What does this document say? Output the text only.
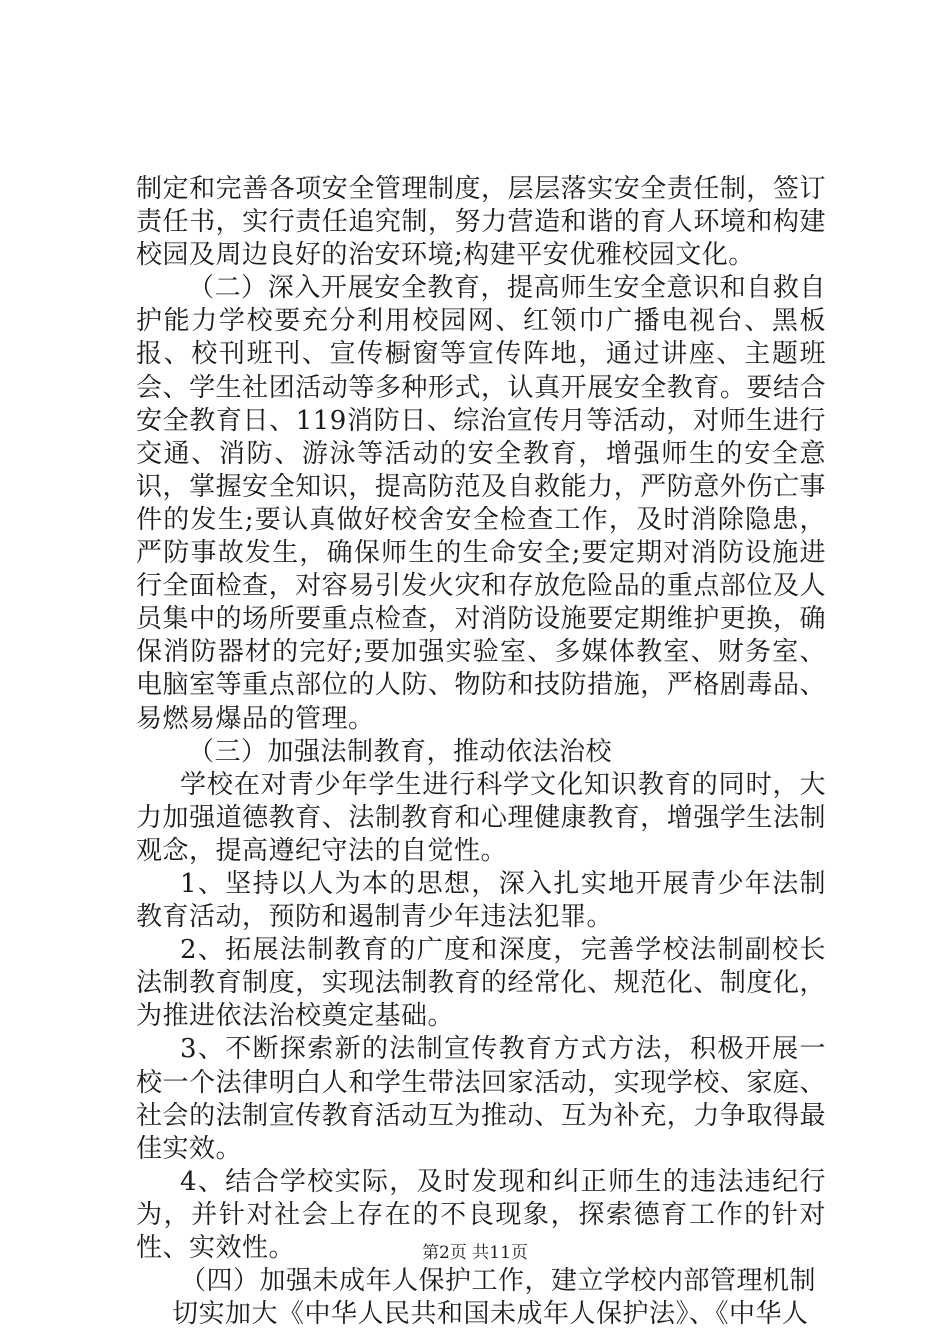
制定和完善各项安全管理制度，层层落实安全责任制，签订责任书，实行责任追究制，努力营造和谐的育人环境和构建校园及周边良好的治安环境;构建平安优雅校园文化。

（二）深入开展安全教育，提高师生安全意识和自救自护能力学校要充分利用校园网、红领巾广播电视台、黑板报、校刊班刊、宣传橱窗等宣传阵地，通过讲座、主题班会、学生社团活动等多种形式，认真开展安全教育。要结合安全教育日、119消防日、综治宣传月等活动，对师生进行交通、消防、游泳等活动的安全教育，增强师生的安全意识，掌握安全知识，提高防范及自救能力，严防意外伤亡事件的发生;要认真做好校舍安全检查工作，及时消除隐患，严防事故发生，确保师生的生命安全;要定期对消防设施进行全面检查，对容易引发火灾和存放危险品的重点部位及人员集中的场所要重点检查，对消防设施要定期维护更换，确保消防器材的完好;要加强实验室、多媒体教室、财务室、电脑室等重点部位的人防、物防和技防措施，严格剧毒品、易燃易爆品的管理。

（三）加强法制教育，推动依法治校

学校在对青少年学生进行科学文化知识教育的同时，大力加强道德教育、法制教育和心理健康教育，增强学生法制观念，提高遵纪守法的自觉性。

1、坚持以人为本的思想，深入扎实地开展青少年法制教育活动，预防和遏制青少年违法犯罪。

2、拓展法制教育的广度和深度，完善学校法制副校长法制教育制度，实现法制教育的经常化、规范化、制度化，为推进依法治校奠定基础。

3、不断探索新的法制宣传教育方式方法，积极开展一校一个法律明白人和学生带法回家活动，实现学校、家庭、社会的法制宣传教育活动互为推动、互为补充，力争取得最佳实效。

4、结合学校实际，及时发现和纠正师生的违法违纪行为，并针对社会上存在的不良现象，探索德育工作的针对性、实效性。

（四）加强未成年人保护工作，建立学校内部管理机制

切实加大《中华人民共和国未成年人保护法》、《中华人

第2页 共11页
